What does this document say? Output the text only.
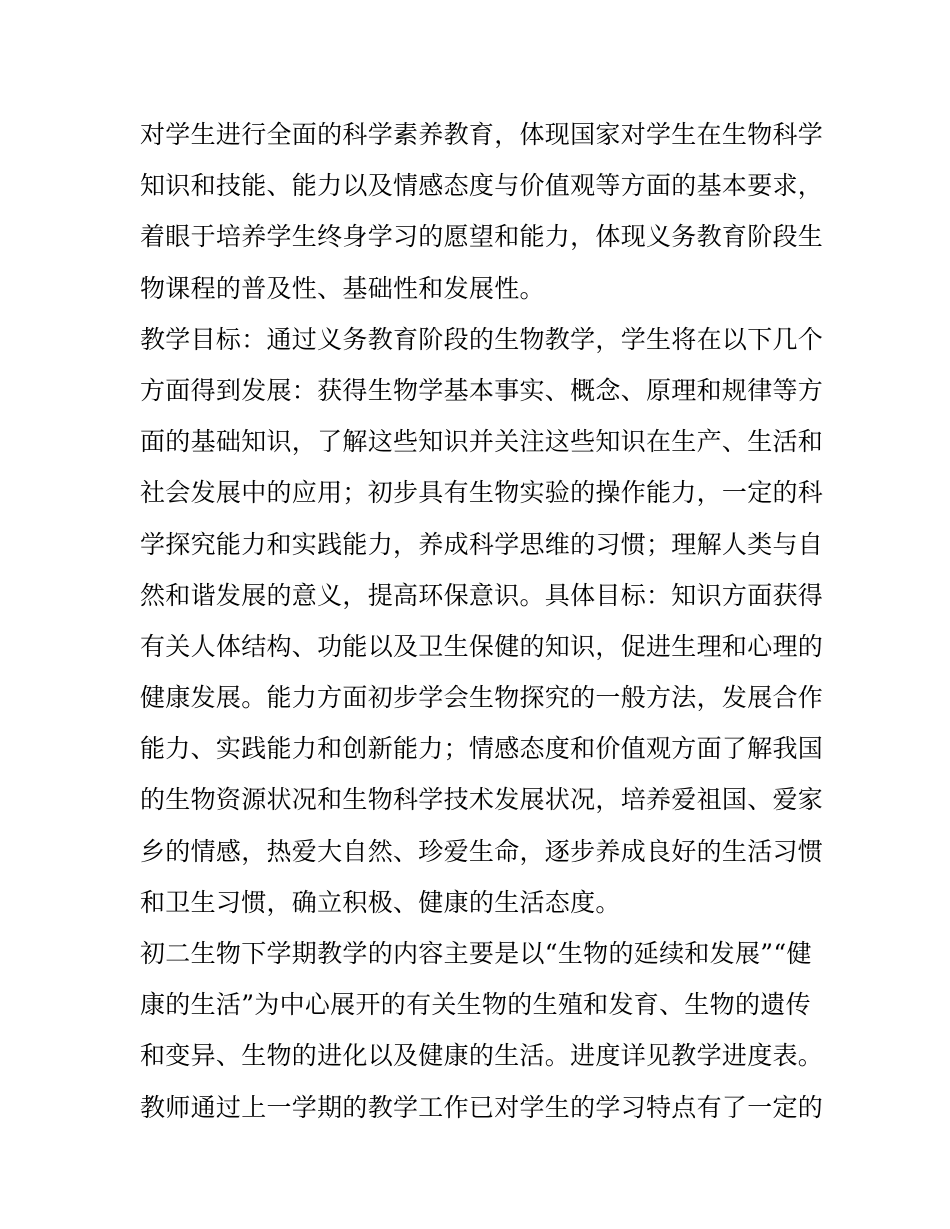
对学生进行全面的科学素养教育，体现国家对学生在生物科学
知识和技能、能力以及情感态度与价值观等方面的基本要求，
着眼于培养学生终身学习的愿望和能力，体现义务教育阶段生
物课程的普及性、基础性和发展性。
教学目标：通过义务教育阶段的生物教学，学生将在以下几个
方面得到发展：获得生物学基本事实、概念、原理和规律等方
面的基础知识，了解这些知识并关注这些知识在生产、生活和
社会发展中的应用；初步具有生物实验的操作能力，一定的科
学探究能力和实践能力，养成科学思维的习惯；理解人类与自
然和谐发展的意义，提高环保意识。具体目标：知识方面获得
有关人体结构、功能以及卫生保健的知识，促进生理和心理的
健康发展。能力方面初步学会生物探究的一般方法，发展合作
能力、实践能力和创新能力；情感态度和价值观方面了解我国
的生物资源状况和生物科学技术发展状况，培养爱祖国、爱家
乡的情感，热爱大自然、珍爱生命，逐步养成良好的生活习惯
和卫生习惯，确立积极、健康的生活态度。
初二生物下学期教学的内容主要是以“生物的延续和发展”“健
康的生活”为中心展开的有关生物的生殖和发育、生物的遗传
和变异、生物的进化以及健康的生活。进度详见教学进度表。
教师通过上一学期的教学工作已对学生的学习特点有了一定的
